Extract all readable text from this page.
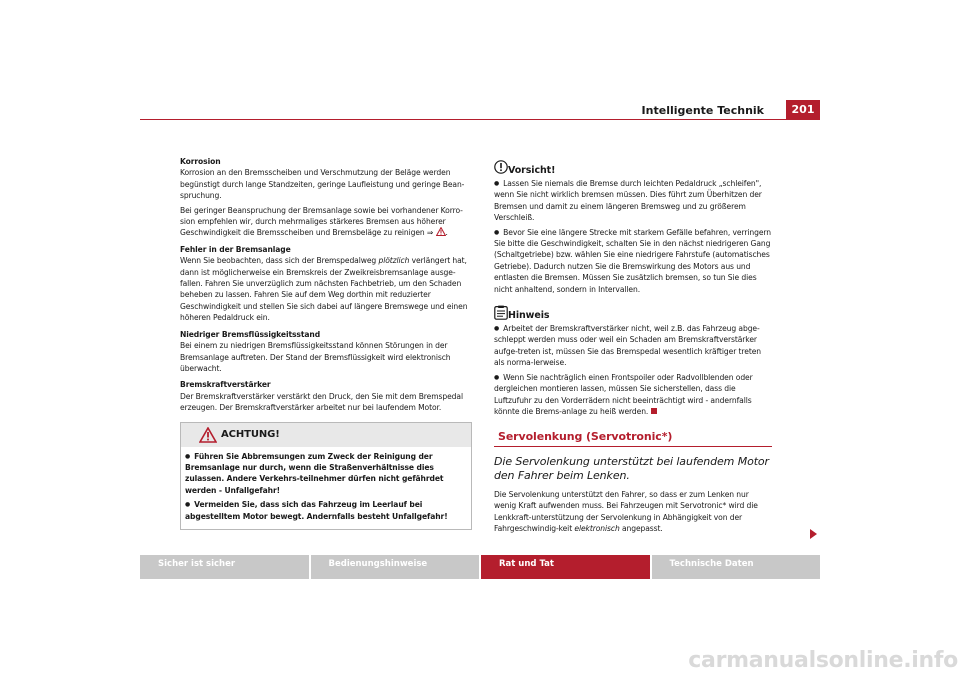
Intelligente Technik	201
Korrosion
Korrosion an den Bremsscheiben und Verschmutzung der Beläge werden begünstigt durch lange Standzeiten, geringe Laufleistung und geringe Bean-spruchung.
Bei geringer Beanspruchung der Bremsanlage sowie bei vorhandener Korro-sion empfehlen wir, durch mehrmaliges stärkeres Bremsen aus höherer Geschwindigkeit die Bremsscheiben und Bremsbeläge zu reinigen ⇒ .
Fehler in der Bremsanlage
Wenn Sie beobachten, dass sich der Bremspedalweg plötzlich verlängert hat, dann ist möglicherweise ein Bremskreis der Zweikreisbremsanlage ausge-fallen. Fahren Sie unverzüglich zum nächsten Fachbetrieb, um den Schaden beheben zu lassen. Fahren Sie auf dem Weg dorthin mit reduzierter Geschwindigkeit und stellen Sie sich dabei auf längere Bremswege und einen höheren Pedaldruck ein.
Niedriger Bremsflüssigkeitsstand
Bei einem zu niedrigen Bremsflüssigkeitsstand können Störungen in der Bremsanlage auftreten. Der Stand der Bremsflüssigkeit wird elektronisch überwacht.
Bremskraftverstärker
Der Bremskraftverstärker verstärkt den Druck, den Sie mit dem Bremspedal erzeugen. Der Bremskraftverstärker arbeitet nur bei laufendem Motor.
ACHTUNG!
● Führen Sie Abbremsungen zum Zweck der Reinigung der Bremsanlage nur durch, wenn die Straßenverhältnisse dies zulassen. Andere Verkehrs-teilnehmer dürfen nicht gefährdet werden - Unfallgefahr!
● Vermeiden Sie, dass sich das Fahrzeug im Leerlauf bei abgestelltem Motor bewegt. Andernfalls besteht Unfallgefahr!
Vorsicht!
● Lassen Sie niemals die Bremse durch leichten Pedaldruck „schleifen", wenn Sie nicht wirklich bremsen müssen. Dies führt zum Überhitzen der Bremsen und damit zu einem längeren Bremsweg und zu größerem Verschleiß.
● Bevor Sie eine längere Strecke mit starkem Gefälle befahren, verringern Sie bitte die Geschwindigkeit, schalten Sie in den nächst niedrigeren Gang (Schaltgetriebe) bzw. wählen Sie eine niedrigere Fahrstufe (automatisches Getriebe). Dadurch nutzen Sie die Bremswirkung des Motors aus und entlasten die Bremsen. Müssen Sie zusätzlich bremsen, so tun Sie dies nicht anhaltend, sondern in Intervallen.
Hinweis
● Arbeitet der Bremskraftverstärker nicht, weil z.B. das Fahrzeug abge-schleppt werden muss oder weil ein Schaden am Bremskraftverstärker aufge-treten ist, müssen Sie das Bremspedal wesentlich kräftiger treten als norma-lerweise.
● Wenn Sie nachträglich einen Frontspoiler oder Radvollblenden oder dergleichen montieren lassen, müssen Sie sicherstellen, dass die Luftzufuhr zu den Vorderrädern nicht beeinträchtigt wird - andernfalls könnte die Brems-anlage zu heiß werden.
Servolenkung (Servotronic*)
Die Servolenkung unterstützt bei laufendem Motor den Fahrer beim Lenken.
Die Servolenkung unterstützt den Fahrer, so dass er zum Lenken nur wenig Kraft aufwenden muss. Bei Fahrzeugen mit Servotronic* wird die Lenkkraft-unterstützung der Servolenkung in Abhängigkeit von der Fahrgeschwindig-keit elektronisch angepasst.
Sicher ist sicher	Bedienungshinweise	Rat und Tat	Technische Daten
carmanualsonline.info
